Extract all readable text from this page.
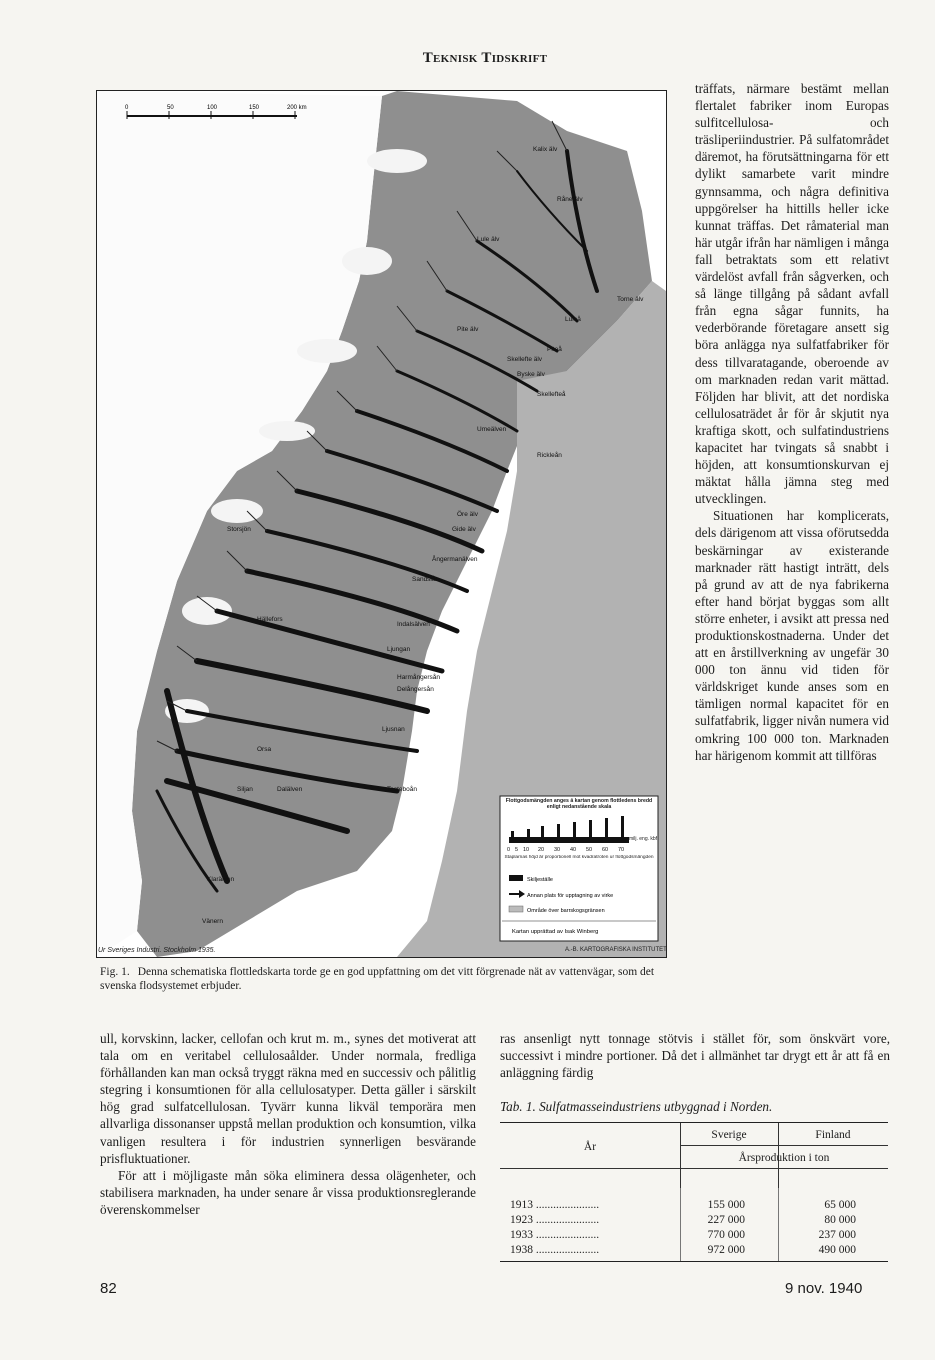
Teknisk Tidskrift
0	50	100	150	200 km
Torne älv
Kalix älv
Råne älv
Lule älv
Pite älv
Skellefte älv
Byske älv
Umeälven
Öre älv
Gide älv
Ångermanälven
Indalsälven
Ljungan
Ljusnan
Dalälven
Klarälven
Storsjön
Siljan
Vänern
Luleå
Piteå
Skellefteå
Rickleån
Sandslån
Delångersån
Harmångersån
Testeboån
Orsa
Hällefors
Flottgodsmängden anges å kartan genom flottledens bredd enligt nedanstående skala
0 5 10 20 30 40 50 60 70
milj. eng. kbf.
Staplarnas höjd är proportionell mot kvadratroten ur flottgodsmängden
Skiljeställe
Annan plats för upptagning av virke
Område över barrskogsgränsen
Kartan upprättad av Isak Winberg
Ur Sveriges Industri. Stockholm 1935.	A.-B. KARTOGRAFISKA INSTITUTET
Fig. 1. Denna schematiska flottledskarta torde ge en god uppfattning om det vitt förgrenade nät av vattenvägar, som det svenska flodsystemet erbjuder.

träffats, närmare bestämt mellan flertalet fabriker inom Europas sulfitcellulosa- och träsliperiindustrier. På sulfatområdet däremot, ha förutsättningarna för ett dylikt samarbete varit mindre gynnsamma, och några definitiva uppgörelser ha hittills heller icke kunnat träffas. Det råmaterial man här utgår ifrån har nämligen i många fall betraktats som ett relativt värdelöst avfall från sågverken, och så länge tillgång på sådant avfall från egna sågar funnits, ha vederbörande företagare ansett sig böra anlägga nya sulfatfabriker för dess tillvaratagande, oberoende av om marknaden redan varit mättad. Följden har blivit, att det nordiska cellulosaträdet år för år skjutit nya kraftiga skott, och sulfatindustriens kapacitet har tvingats så snabbt i höjden, att konsumtionskurvan ej mäktat hålla jämna steg med utvecklingen.

Situationen har komplicerats, dels därigenom att vissa oförutsedda beskärningar av existerande marknader rätt hastigt inträtt, dels på grund av att de nya fabrikerna efter hand börjat byggas som allt större enheter, i avsikt att pressa ned produktionskostnaderna. Under det att en årstillverkning av ungefär 30 000 ton ännu vid tiden för världskriget kunde anses som en tämligen normal kapacitet för en sulfatfabrik, ligger nivån numera vid omkring 100 000 ton. Marknaden har härigenom kommit att tillföras

ull, korvskinn, lacker, cellofan och krut m. m., synes det motiverat att tala om en veritabel cellulosaålder. Under normala, fredliga förhållanden kan man också tryggt räkna med en successiv och pålitlig stegring i konsumtionen för alla cellulosatyper. Detta gäller i särskilt hög grad sulfatcellulosan. Tyvärr kunna likväl temporära men allvarliga dissonanser uppstå mellan produktion och konsumtion, vilka vanligen resultera i för industrien synnerligen besvärande prisfluktuationer.

För att i möjligaste mån söka eliminera dessa olägenheter, och stabilisera marknaden, ha under senare år vissa produktionsreglerande överenskommelser

ras ansenligt nytt tonnage stötvis i stället för, som önskvärt vore, successivt i mindre portioner. Då det i allmänhet tar drygt ett år att få en anläggning färdig
Tab. 1. Sulfatmasseindustriens utbyggnad i Norden.
År
Sverige	Finland
Årsproduktion i ton
1913 ......................	155 000	65 000
1923 ......................	227 000	80 000
1933 ......................	770 000	237 000
1938 ......................	972 000	490 000
82	9 nov. 1940
